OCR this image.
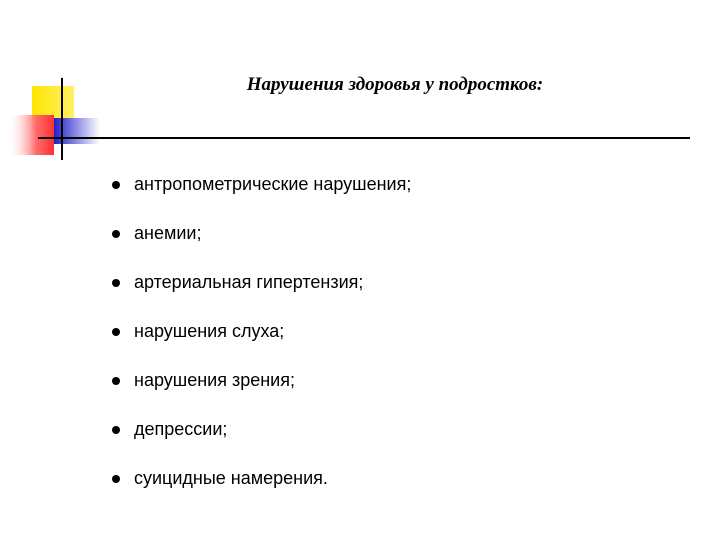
Нарушения здоровья у подростков:
антропометрические нарушения;
анемии;
артериальная гипертензия;
нарушения слуха;
нарушения зрения;
депрессии;
суицидные намерения.
